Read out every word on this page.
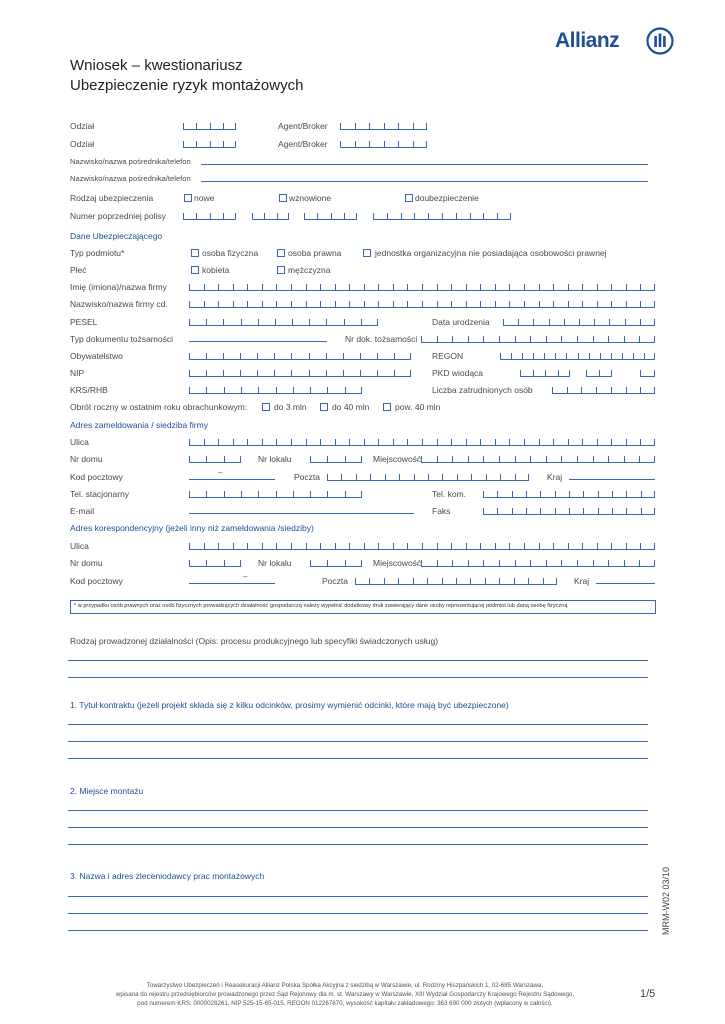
Allianz
Wniosek – kwestionariusz
Ubezpieczenie ryzyk montażowych
Odział	Agent/Broker
Odział	Agent/Broker
Nazwisko/nazwa pośrednika/telefon
Nazwisko/nazwa pośrednika/telefon
Rodzaj ubezpieczenia	nowe	wznowione	doubezpieczenie
Numer poprzedniej polisy
Dane Ubezpieczającego
Typ podmiotu*	osoba fizyczna	osoba prawna	jednostka organizacyjna nie posiadająca osobowości prawnej
Płeć	kobieta	mężczyzna
Imię (imiona)/nazwa firmy
Nazwisko/nazwa firmy cd.
PESEL	Data urodzenia
Typ dokumentu tożsamości	Nr dok. tożsamości
Obywatelstwo	REGON
NIP	PKD wiodąca
KRS/RHB	Liczba zatrudnionych osób
Obrót roczny w ostatnim roku obrachunkowym:	do 3 mln	do 40 mln	pow. 40 mln
Adres zameldowania / siedziba firmy
Ulica
Nr domu	Nr lokalu	Miejscowość
Kod pocztowy	–	Poczta	Kraj
Tel. stacjonarny	Tel. kom.
E-mail	Faks
Adres korespondencyjny (jeżeli inny niż zameldowania /siedziby)
Ulica
Nr domu	Nr lokalu	Miejscowość
Kod pocztowy	–	Poczta	Kraj
* w przypadku osób prawnych oraz osób fizycznych prowadzących działalność gospodarczą należy wypełnić dodatkowy druk zawierający dane osoby reprezentującej podmiot lub daną osobę fizyczną
Rodzaj prowadzonej działalności (Opis: procesu produkcyjnego lub specyfiki świadczonych usług)
1. Tytuł kontraktu (jeżeli projekt składa się z kilku odcinków, prosimy wymienić odcinki, które mają być ubezpieczone)
2. Miejsce montażu
3. Nazwa i adres zleceniodawcy prac montażowych	MRM-W02 03/10
1/5
Towarzystwo Ubezpieczeń i Reasekuracji Allianz Polska Spółka Akcyjna z siedzibą w Warszawie, ul. Rodziny Hiszpańskich 1, 02-685 Warszawa,
wpisana do rejestru przedsiębiorców prowadzonego przez Sąd Rejonowy dla m. st. Warszawy w Warszawie, XIII Wydział Gospodarczy Krajowego Rejestru Sądowego,
pod numerem KRS: 0000028261, NIP 525-15-65-015, REGON 012267870, wysokość kapitału zakładowego: 363 690 000 złotych (wpłacony w całości).
